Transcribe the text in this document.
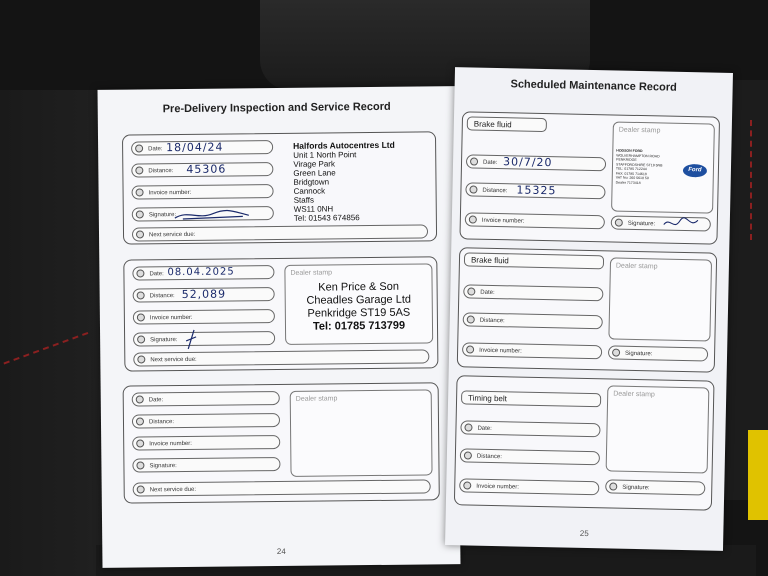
Pre-Delivery Inspection and Service Record
Date: 18/04/24
Distance: 45306
Invoice number:
Signature:
Next service due:
Halfords Autocentres Ltd
Unit 1 North Point
Virage Park
Green Lane
Bridgtown
Cannock
Staffs
WS11 0NH
Tel: 01543 674856
Date: 08.04.2025
Distance: 52,089
Invoice number:
Signature:
Next service due:
Dealer stamp
Ken Price & Son
Cheadles Garage Ltd
Penkridge ST19 5AS
Tel: 01785 713799
Date:
Distance:
Invoice number:
Signature:
Next service due:
Dealer stamp
24
Scheduled Maintenance Record
Brake fluid
Date: 30/7/20
Distance: 15325
Invoice number:
Dealer stamp
HODSON FORD
WOLVERHAMPTON ROAD
PENKRIDGE
STAFFORDSHIRE ST19 5NB
TEL: 01785 712244
FAX: 01785 714618
VAT No: 260 5618 50
Dealer 7173418
Ford
Signature:
Brake fluid
Date:
Distance:
Invoice number:
Dealer stamp
Signature:
Timing belt
Date:
Distance:
Invoice number:
Dealer stamp
Signature:
25
